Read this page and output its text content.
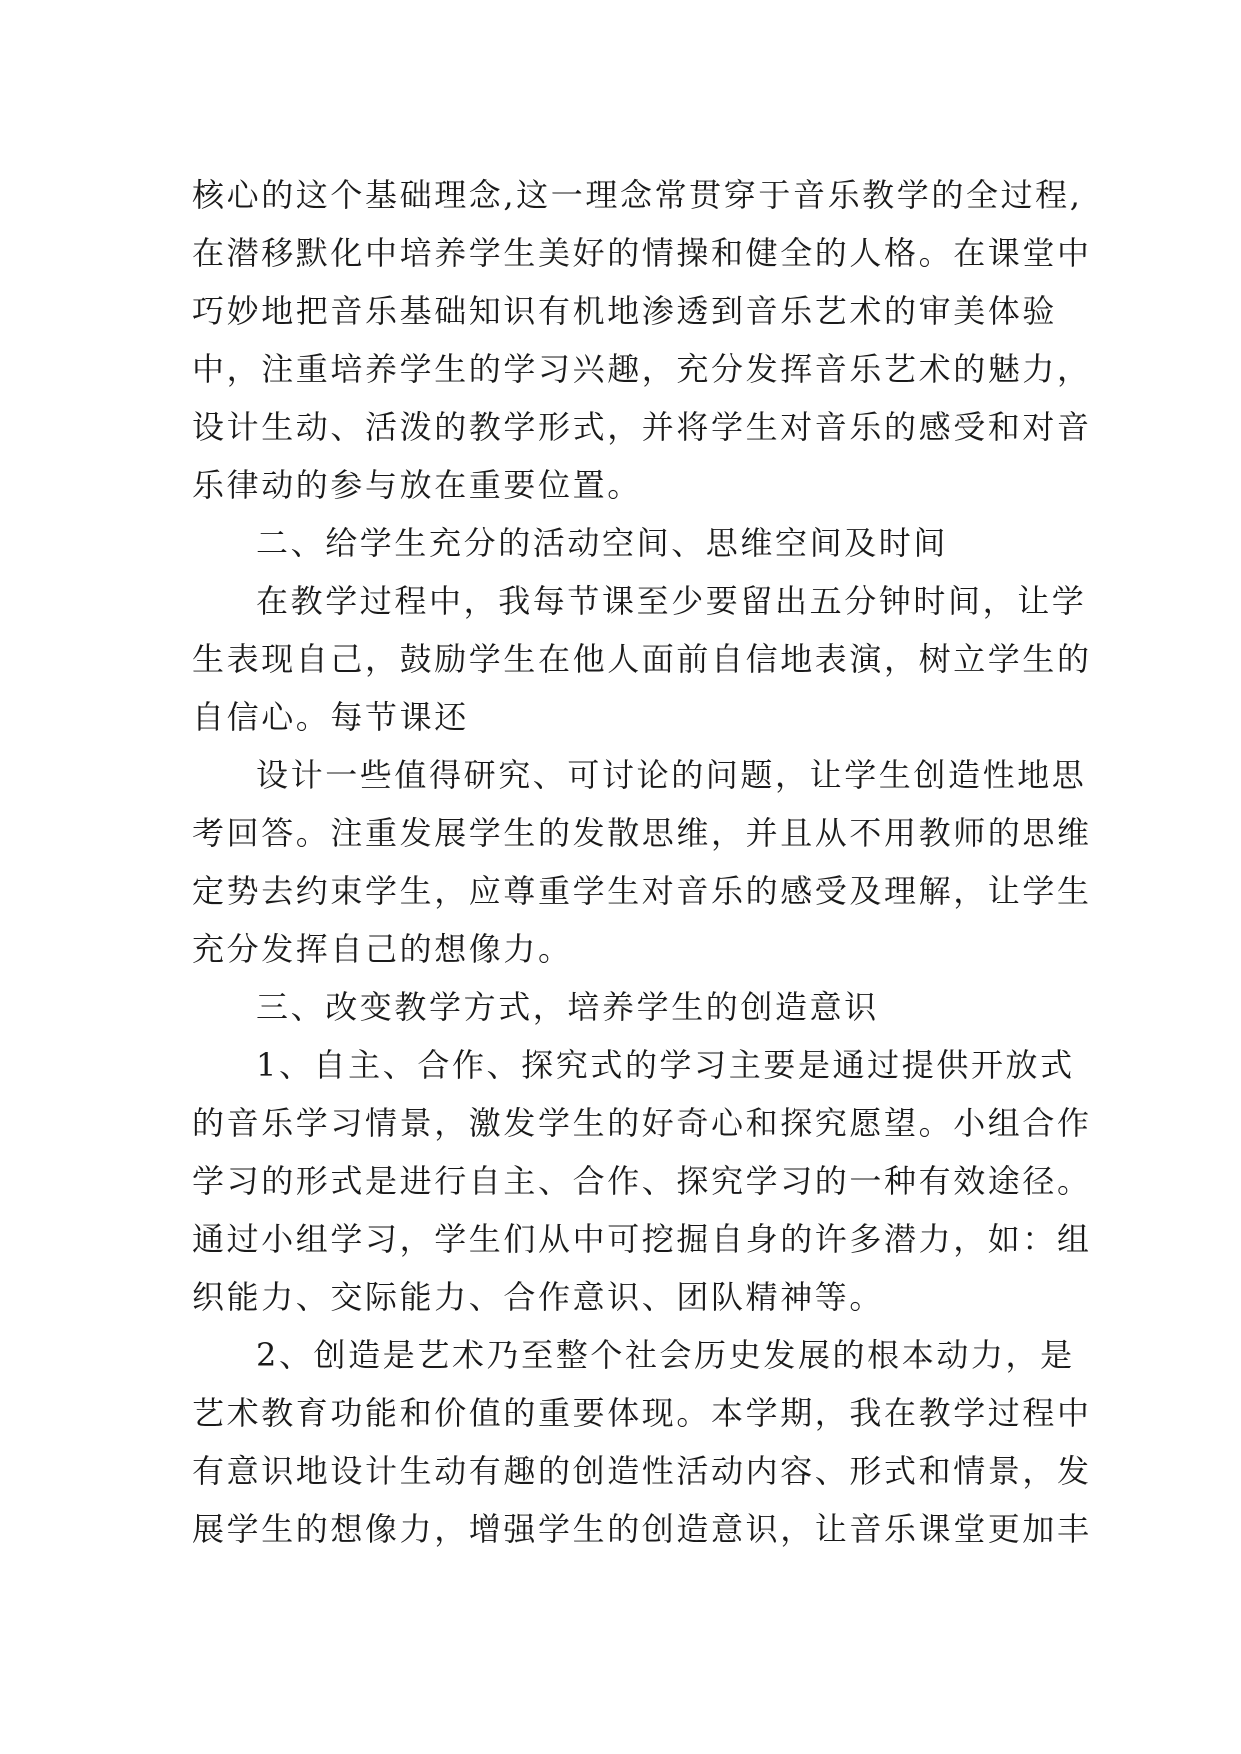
核心的这个基础理念,这一理念常贯穿于音乐教学的全过程,
在潜移默化中培养学生美好的情操和健全的人格。在课堂中
巧妙地把音乐基础知识有机地渗透到音乐艺术的审美体验
中，注重培养学生的学习兴趣，充分发挥音乐艺术的魅力，
设计生动、活泼的教学形式，并将学生对音乐的感受和对音
乐律动的参与放在重要位置。
二、给学生充分的活动空间、思维空间及时间
在教学过程中，我每节课至少要留出五分钟时间，让学
生表现自己，鼓励学生在他人面前自信地表演，树立学生的
自信心。每节课还
设计一些值得研究、可讨论的问题，让学生创造性地思
考回答。注重发展学生的发散思维，并且从不用教师的思维
定势去约束学生，应尊重学生对音乐的感受及理解，让学生
充分发挥自己的想像力。
三、改变教学方式，培养学生的创造意识
1、自主、合作、探究式的学习主要是通过提供开放式
的音乐学习情景，激发学生的好奇心和探究愿望。小组合作
学习的形式是进行自主、合作、探究学习的一种有效途径。
通过小组学习，学生们从中可挖掘自身的许多潜力，如：组
织能力、交际能力、合作意识、团队精神等。
2、创造是艺术乃至整个社会历史发展的根本动力，是
艺术教育功能和价值的重要体现。本学期，我在教学过程中
有意识地设计生动有趣的创造性活动内容、形式和情景，发
展学生的想像力，增强学生的创造意识，让音乐课堂更加丰
